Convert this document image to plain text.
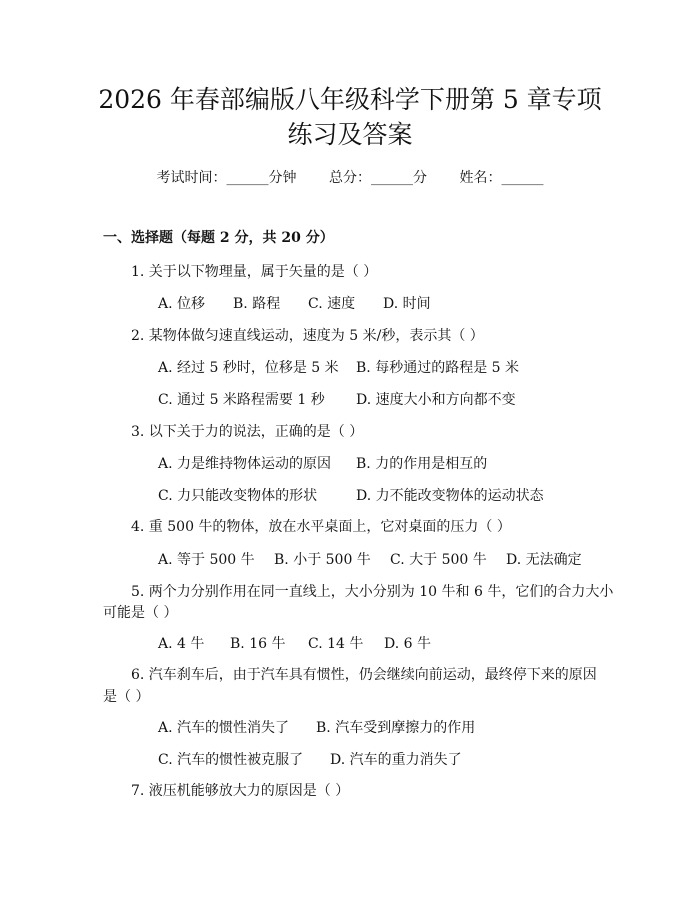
2026 年春部编版八年级科学下册第 5 章专项
练习及答案
考试时间：______分钟 总分：______分 姓名：______
一、选择题（每题 2 分，共 20 分）
1. 关于以下物理量，属于矢量的是（ ）
A. 位移 B. 路程 C. 速度 D. 时间
2. 某物体做匀速直线运动，速度为 5 米/秒，表示其（ ）
A. 经过 5 秒时，位移是 5 米 B. 每秒通过的路程是 5 米
C. 通过 5 米路程需要 1 秒 D. 速度大小和方向都不变
3. 以下关于力的说法，正确的是（ ）
A. 力是维持物体运动的原因 B. 力的作用是相互的
C. 力只能改变物体的形状	D. 力不能改变物体的运动状态
4. 重 500 牛的物体，放在水平桌面上，它对桌面的压力（ ）
A. 等于 500 牛 B. 小于 500 牛 C. 大于 500 牛 D. 无法确定
5. 两个力分别作用在同一直线上，大小分别为 10 牛和 6 牛，它们的合力大小
可能是（ ）
A. 4 牛 B. 16 牛 C. 14 牛 D. 6 牛
6. 汽车刹车后，由于汽车具有惯性，仍会继续向前运动，最终停下来的原因
是（ ）
A. 汽车的惯性消失了 B. 汽车受到摩擦力的作用
C. 汽车的惯性被克服了 D. 汽车的重力消失了
7. 液压机能够放大力的原因是（ ）
